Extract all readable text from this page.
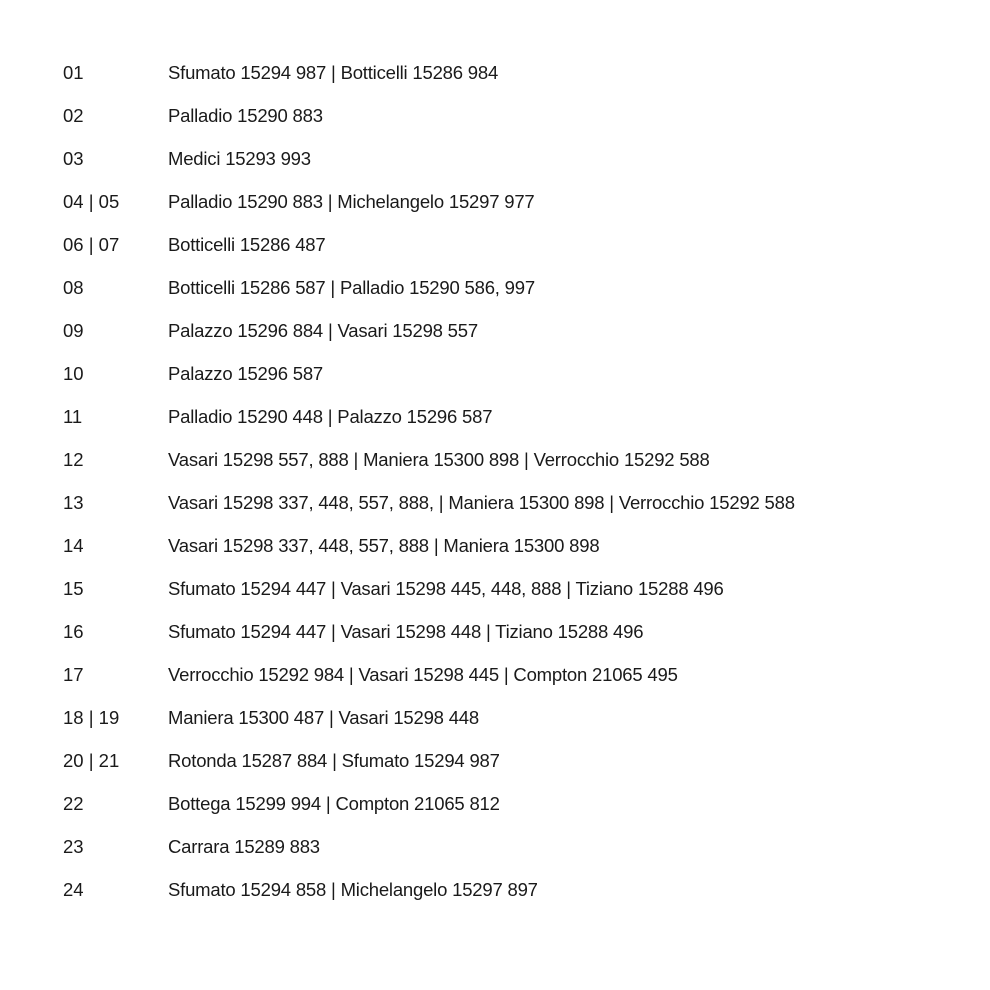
01	Sfumato 15294 987 | Botticelli 15286 984
02	Palladio 15290 883
03	Medici 15293 993
04 | 05	Palladio 15290 883 | Michelangelo 15297 977
06 | 07	Botticelli 15286 487
08	Botticelli 15286 587 | Palladio 15290 586, 997
09	Palazzo 15296 884 | Vasari 15298 557
10	Palazzo 15296 587
11	Palladio 15290 448 | Palazzo 15296 587
12	Vasari 15298 557, 888 | Maniera 15300 898 | Verrocchio 15292 588
13	Vasari 15298 337, 448, 557, 888, | Maniera 15300 898 | Verrocchio 15292 588
14	Vasari 15298 337, 448, 557, 888 | Maniera 15300 898
15	Sfumato 15294 447 | Vasari 15298 445, 448, 888 | Tiziano 15288 496
16	Sfumato 15294 447 | Vasari 15298 448 | Tiziano 15288 496
17	Verrocchio 15292 984 | Vasari 15298 445 | Compton 21065 495
18 | 19	Maniera 15300 487 | Vasari 15298 448
20 | 21	Rotonda 15287 884 | Sfumato 15294 987
22	Bottega 15299 994 | Compton 21065 812
23	Carrara 15289 883
24	Sfumato 15294 858 | Michelangelo 15297 897
